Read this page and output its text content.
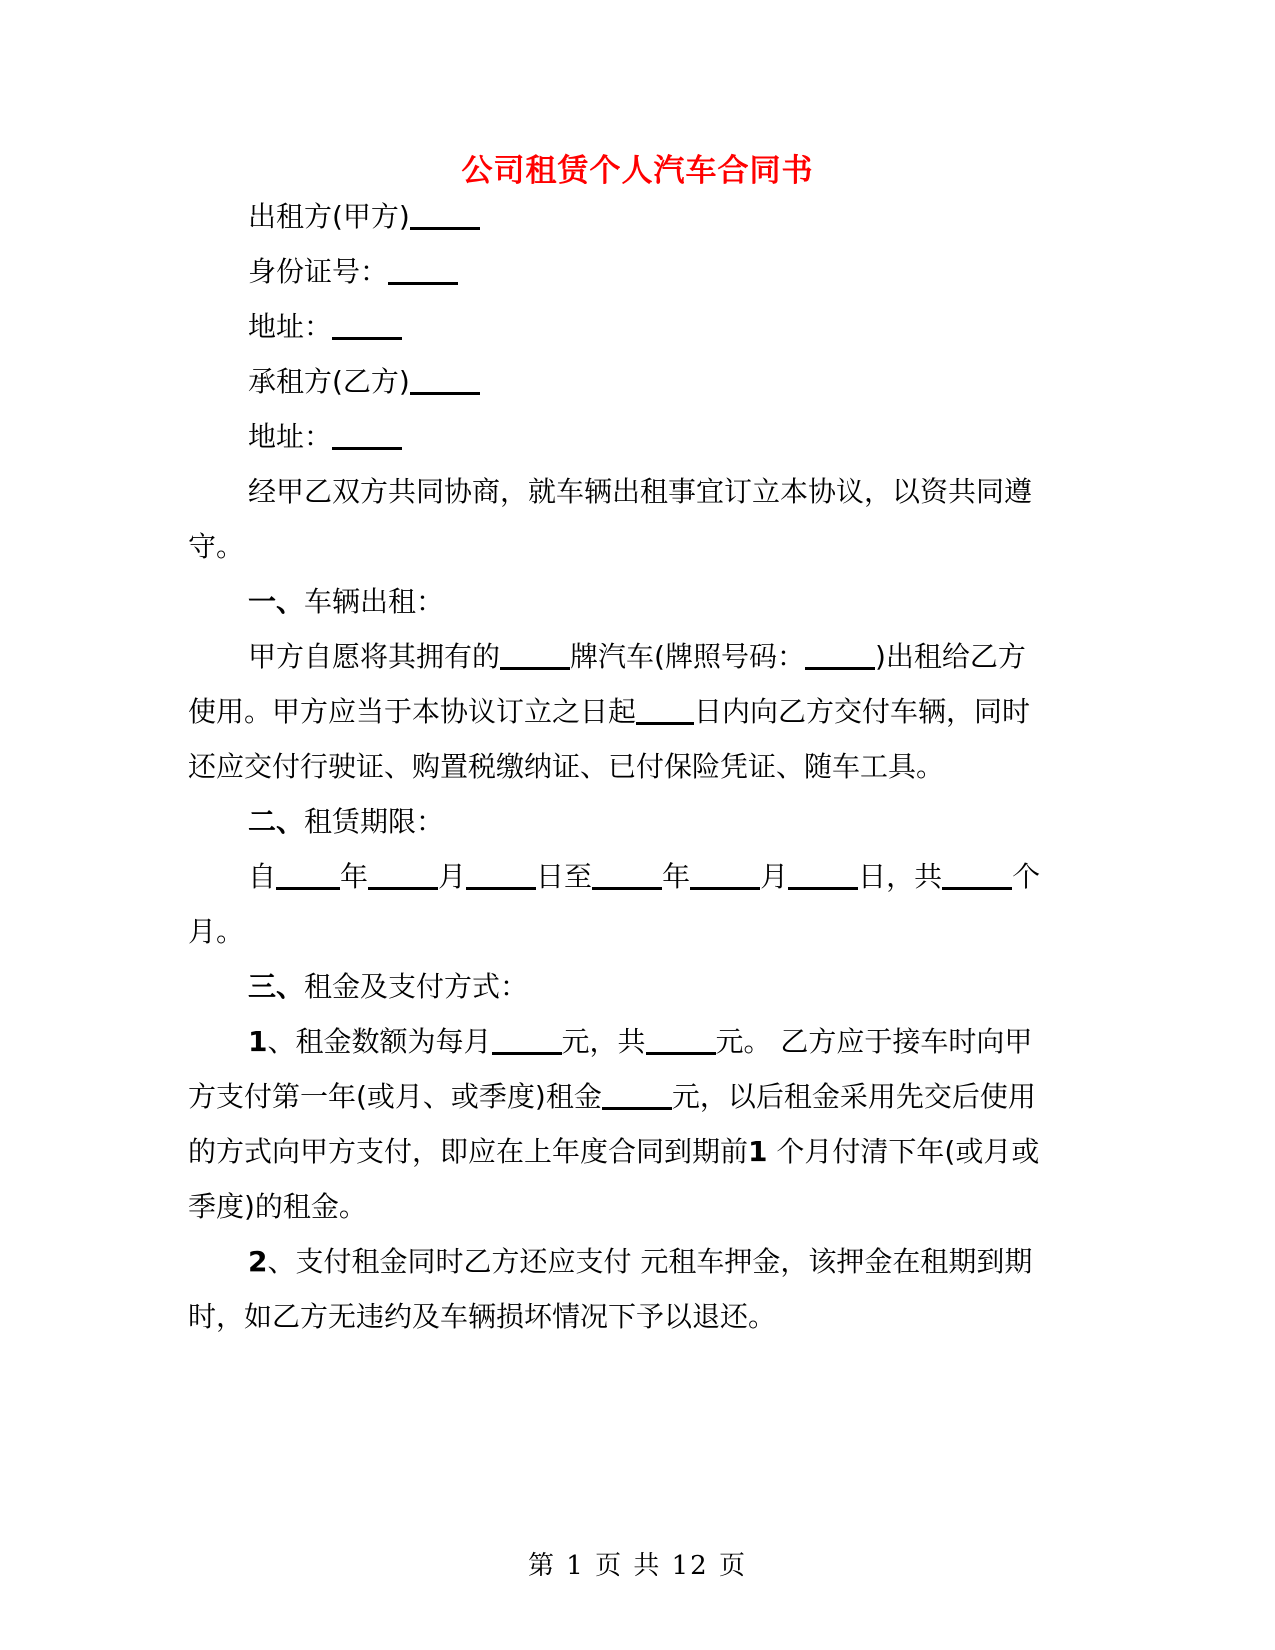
公司租赁个人汽车合同书
出租方(甲方)
身份证号：
地址：
承租方(乙方)
地址：
经甲乙双方共同协商，就车辆出租事宜订立本协议，以资共同遵
守。
一、车辆出租：
甲方自愿将其拥有的	牌汽车(牌照号码：	)出租给乙方
使用。甲方应当于本协议订立之日起 日内向乙方交付车辆，同时
还应交付行驶证、购置税缴纳证、已付保险凭证、随车工具。
二、租赁期限：
自 年	月	日至	年	月	日，共	个
月。
三、租金及支付方式：
1、租金数额为每月	元，共	元。 乙方应于接车时向甲
方支付第一年(或月、或季度)租金	元，以后租金采用先交后使用
的方式向甲方支付，即应在上年度合同到期前1 个月付清下年(或月或
季度)的租金。
2、支付租金同时乙方还应支付 元租车押金，该押金在租期到期
时，如乙方无违约及车辆损坏情况下予以退还。
第 1 页 共 12 页
